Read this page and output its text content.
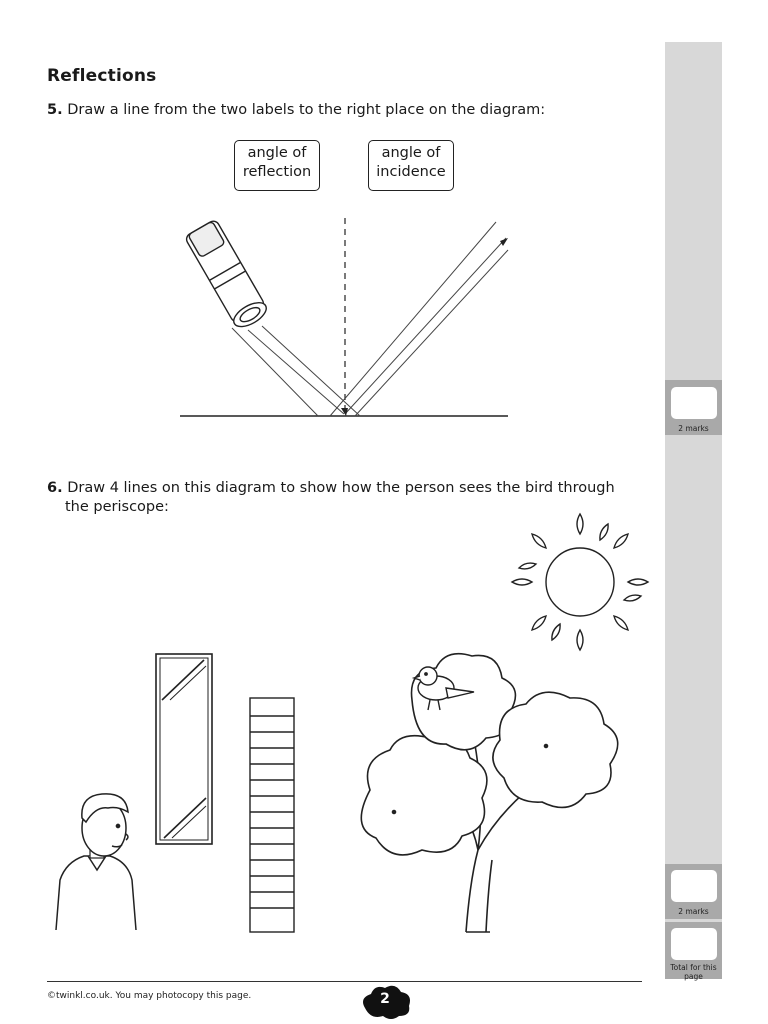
Reflections
5. Draw a line from the two labels to the right place on the diagram:
angle of reflection
angle of incidence
6. Draw 4 lines on this diagram to show how the person sees the bird through
the periscope:
2 marks
2 marks
Total for this page
©twinkl.co.uk. You may photocopy this page.	2
